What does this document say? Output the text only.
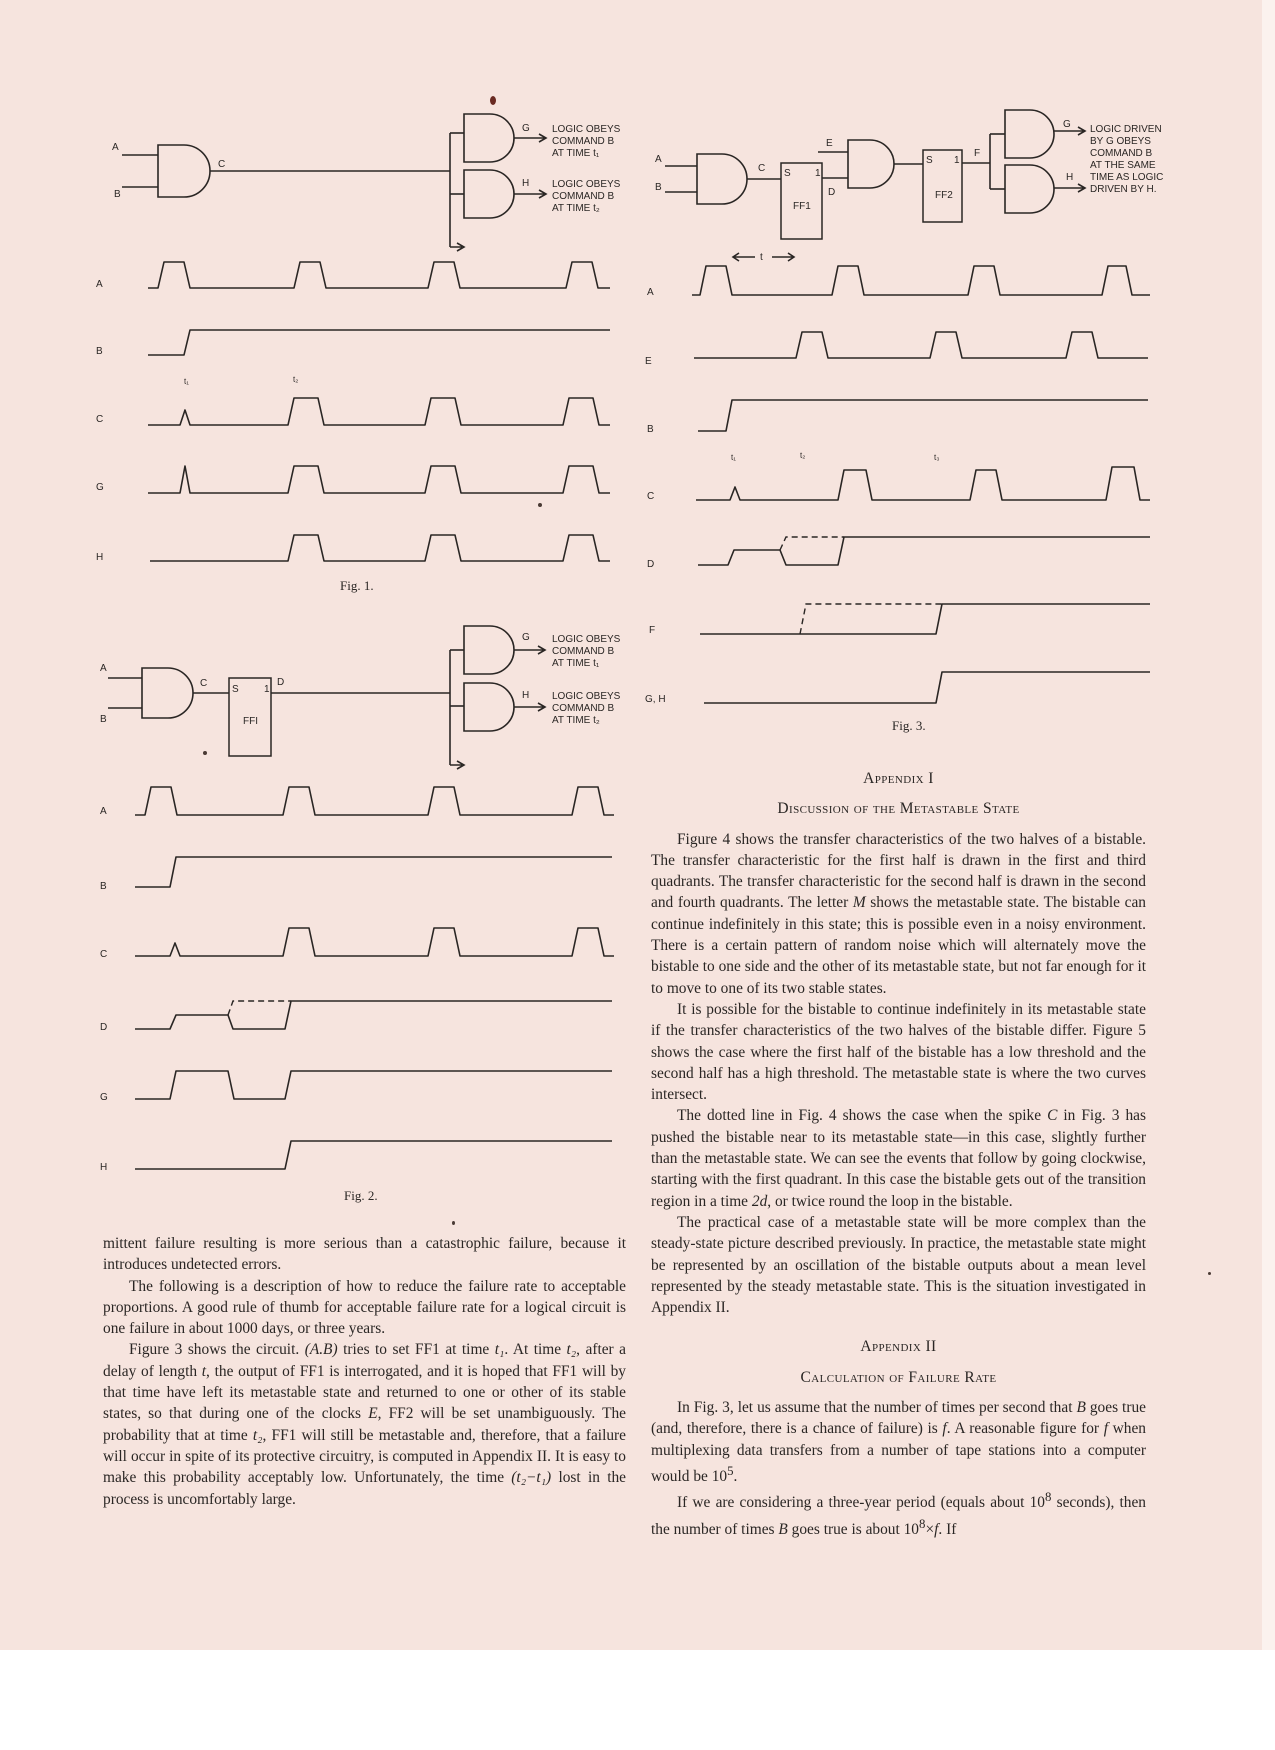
A
B
C
G
H
LOGIC OBEYS
COMMAND B
AT TIME t₁
LOGIC OBEYS
COMMAND B
AT TIME t₂
A
B
C
G
H
t₁	t₂
Fig. 1.
A
B
C
S	1
FFI
D
G
H
LOGIC OBEYS
COMMAND B
AT TIME t₁
LOGIC OBEYS
COMMAND B
AT TIME t₂
A
B
C
D
G
H
Fig. 2.
A
B
C S 1
FF1
D
E
S 1
FF2
F
G
H
LOGIC DRIVEN
BY G OBEYS
COMMAND B
AT THE SAME
TIME AS LOGIC
DRIVEN BY H.
t
A
E
B
C
D
F
G, H
t₁	t₂	t₃
Fig. 3.

mittent failure resulting is more serious than a catastrophic failure, because it introduces undetected errors.

The following is a description of how to reduce the failure rate to acceptable proportions. A good rule of thumb for acceptable failure rate for a logical circuit is one failure in about 1000 days, or three years.

Figure 3 shows the circuit. (A.B) tries to set FF1 at time t₁. At time t₂, after a delay of length t, the output of FF1 is interrogated, and it is hoped that FF1 will by that time have left its metastable state and returned to one or other of its stable states, so that during one of the clocks E, FF2 will be set unambiguously. The probability that at time t₂, FF1 will still be metastable and, therefore, that a failure will occur in spite of its protective circuitry, is computed in Appendix II. It is easy to make this probability acceptably low. Unfortunately, the time (t₂−t₁) lost in the process is uncomfortably large.

Appendix I

Discussion of the Metastable State

Figure 4 shows the transfer characteristics of the two halves of a bistable. The transfer characteristic for the first half is drawn in the first and third quadrants. The transfer characteristic for the second half is drawn in the second and fourth quadrants. The letter M shows the metastable state. The bistable can continue indefinitely in this state; this is possible even in a noisy environment. There is a certain pattern of random noise which will alternately move the bistable to one side and the other of its metastable state, but not far enough for it to move to one of its two stable states.

It is possible for the bistable to continue indefinitely in its metastable state if the transfer characteristics of the two halves of the bistable differ. Figure 5 shows the case where the first half of the bistable has a low threshold and the second half has a high threshold. The metastable state is where the two curves intersect.

The dotted line in Fig. 4 shows the case when the spike C in Fig. 3 has pushed the bistable near to its metastable state—in this case, slightly further than the metastable state. We can see the events that follow by going clockwise, starting with the first quadrant. In this case the bistable gets out of the transition region in a time 2d, or twice round the loop in the bistable.

The practical case of a metastable state will be more complex than the steady-state picture described previously. In practice, the metastable state might be represented by an oscillation of the bistable outputs about a mean level represented by the steady metastable state. This is the situation investigated in Appendix II.

Appendix II

Calculation of Failure Rate

In Fig. 3, let us assume that the number of times per second that B goes true (and, therefore, there is a chance of failure) is f. A reasonable figure for f when multiplexing data transfers from a number of tape stations into a computer would be $10^5$.

If we are considering a three-year period (equals about $10^8$ seconds), then the number of times B goes true is about $10^8\times f$. If
